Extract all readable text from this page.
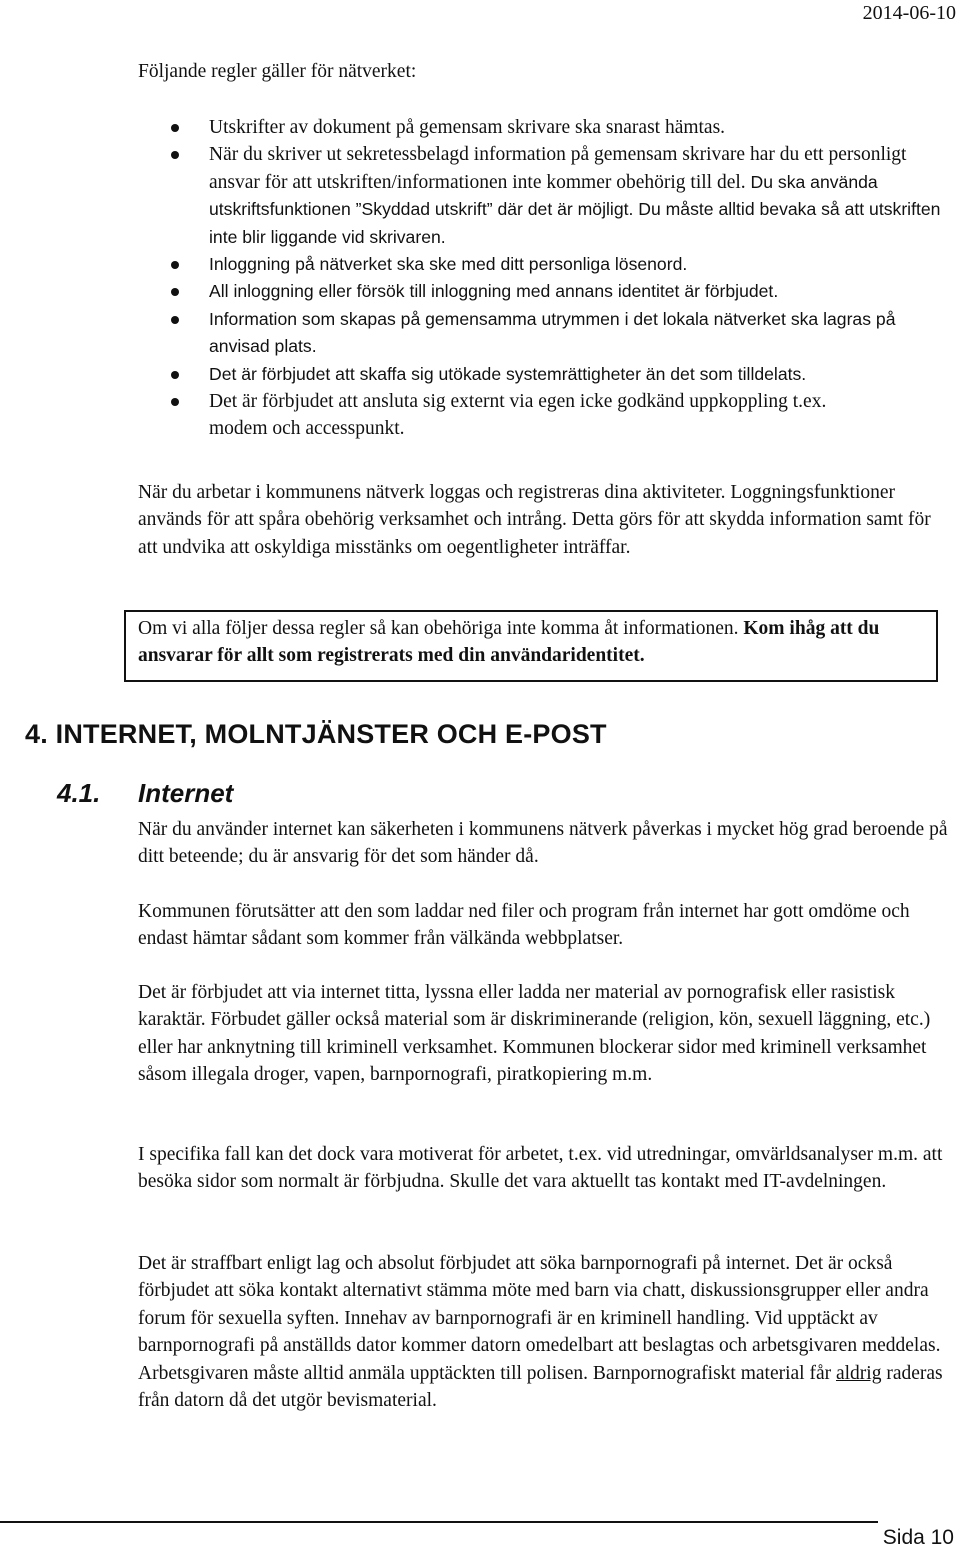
2014-06-10
Följande regler gäller för nätverket:
Utskrifter av dokument på gemensam skrivare ska snarast hämtas.
När du skriver ut sekretessbelagd information på gemensam skrivare har du ett personligt ansvar för att utskriften/informationen inte kommer obehörig till del. Du ska använda utskriftsfunktionen ”Skyddad utskrift” där det är möjligt. Du måste alltid bevaka så att utskriften inte blir liggande vid skrivaren.
Inloggning på nätverket ska ske med ditt personliga lösenord.
All inloggning eller försök till inloggning med annans identitet är förbjudet.
Information som skapas på gemensamma utrymmen i det lokala nätverket ska lagras på anvisad plats.
Det är förbjudet att skaffa sig utökade systemrättigheter än det som tilldelats.
Det är förbjudet att ansluta sig externt via egen icke godkänd uppkoppling t.ex.
modem och accesspunkt.
När du arbetar i kommunens nätverk loggas och registreras dina aktiviteter. Loggningsfunktioner används för att spåra obehörig verksamhet och intrång. Detta görs för att skydda information samt för att undvika att oskyldiga misstänks om oegentligheter inträffar.
Om vi alla följer dessa regler så kan obehöriga inte komma åt informationen. Kom ihåg att du ansvarar för allt som registrerats med din användaridentitet.
4. INTERNET, MOLNTJÄNSTER OCH E-POST
4.1. Internet
När du använder internet kan säkerheten i kommunens nätverk påverkas i mycket hög grad beroende på ditt beteende; du är ansvarig för det som händer då.
Kommunen förutsätter att den som laddar ned filer och program från internet har gott omdöme och endast hämtar sådant som kommer från välkända webbplatser.
Det är förbjudet att via internet titta, lyssna eller ladda ner material av pornografisk eller rasistisk karaktär. Förbudet gäller också material som är diskriminerande (religion, kön, sexuell läggning, etc.) eller har anknytning till kriminell verksamhet. Kommunen blockerar sidor med kriminell verksamhet såsom illegala droger, vapen, barnpornografi, piratkopiering m.m.
I specifika fall kan det dock vara motiverat för arbetet, t.ex. vid utredningar, omvärldsanalyser m.m. att besöka sidor som normalt är förbjudna. Skulle det vara aktuellt tas kontakt med IT-avdelningen.
Det är straffbart enligt lag och absolut förbjudet att söka barnpornografi på internet. Det är också förbjudet att söka kontakt alternativt stämma möte med barn via chatt, diskussionsgrupper eller andra forum för sexuella syften. Innehav av barnpornografi är en kriminell handling. Vid upptäckt av barnpornografi på anställds dator kommer datorn omedelbart att beslagtas och arbetsgivaren meddelas. Arbetsgivaren måste alltid anmäla upptäckten till polisen. Barnpornografiskt material får aldrig raderas från datorn då det utgör bevismaterial.
Sida 10
